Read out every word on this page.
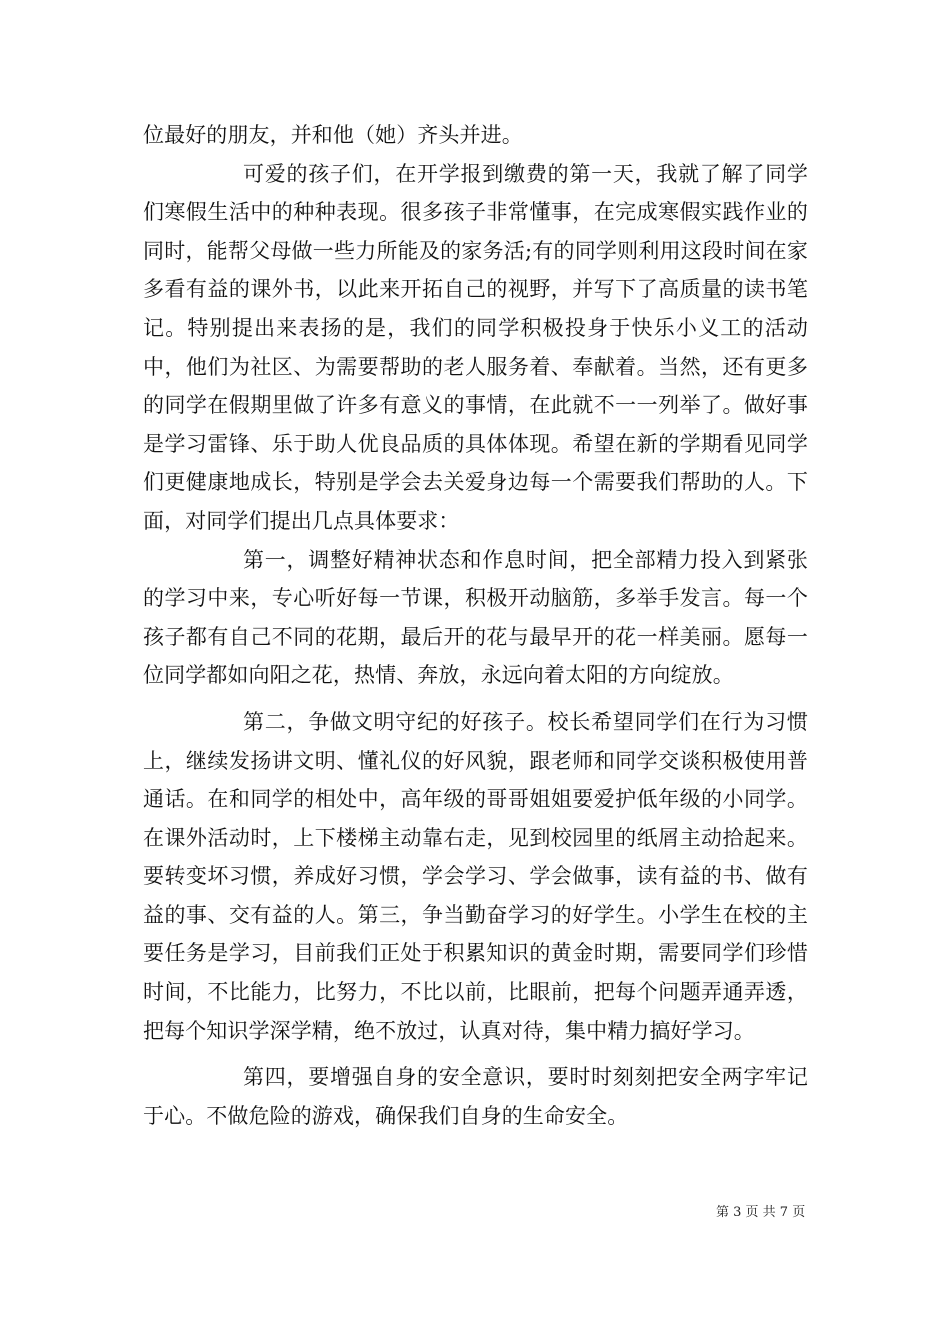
位最好的朋友，并和他（她）齐头并进。

可爱的孩子们，在开学报到缴费的第一天，我就了解了同学们寒假生活中的种种表现。很多孩子非常懂事，在完成寒假实践作业的同时，能帮父母做一些力所能及的家务活;有的同学则利用这段时间在家多看有益的课外书，以此来开拓自己的视野，并写下了高质量的读书笔记。特别提出来表扬的是，我们的同学积极投身于快乐小义工的活动中，他们为社区、为需要帮助的老人服务着、奉献着。当然，还有更多的同学在假期里做了许多有意义的事情，在此就不一一列举了。做好事是学习雷锋、乐于助人优良品质的具体体现。希望在新的学期看见同学们更健康地成长，特别是学会去关爱身边每一个需要我们帮助的人。下面，对同学们提出几点具体要求：

第一，调整好精神状态和作息时间，把全部精力投入到紧张的学习中来，专心听好每一节课，积极开动脑筋，多举手发言。每一个孩子都有自己不同的花期，最后开的花与最早开的花一样美丽。愿每一位同学都如向阳之花，热情、奔放，永远向着太阳的方向绽放。

第二，争做文明守纪的好孩子。校长希望同学们在行为习惯上，继续发扬讲文明、懂礼仪的好风貌，跟老师和同学交谈积极使用普通话。在和同学的相处中，高年级的哥哥姐姐要爱护低年级的小同学。在课外活动时，上下楼梯主动靠右走，见到校园里的纸屑主动拾起来。要转变坏习惯，养成好习惯，学会学习、学会做事，读有益的书、做有益的事、交有益的人。第三，争当勤奋学习的好学生。小学生在校的主要任务是学习，目前我们正处于积累知识的黄金时期，需要同学们珍惜时间，不比能力，比努力，不比以前，比眼前，把每个问题弄通弄透，把每个知识学深学精，绝不放过，认真对待，集中精力搞好学习。

第四，要增强自身的安全意识，要时时刻刻把安全两字牢记于心。不做危险的游戏，确保我们自身的生命安全。

第 3 页 共 7 页
